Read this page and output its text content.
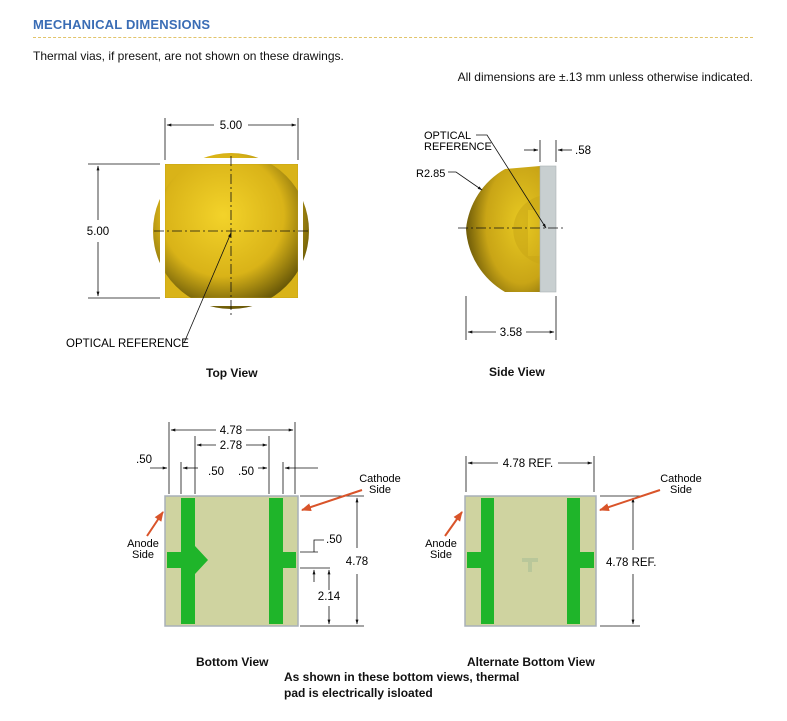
MECHANICAL DIMENSIONS
Thermal vias, if present, are not shown on these drawings.
All dimensions are ±.13 mm unless otherwise indicated.
5.00
5.00
OPTICAL REFERENCE
OPTICAL
REFERENCE
R2.85
.58
3.58
4.78
2.78
.50
.50 .50
4.78
.50
2.14
Cathode
Side
Anode
Side
4.78 REF.
4.78 REF.
Cathode
Side
Anode
Side
Top View	Side View
Bottom View	Alternate Bottom View
As shown in these bottom views, thermal
pad is electrically isloated
